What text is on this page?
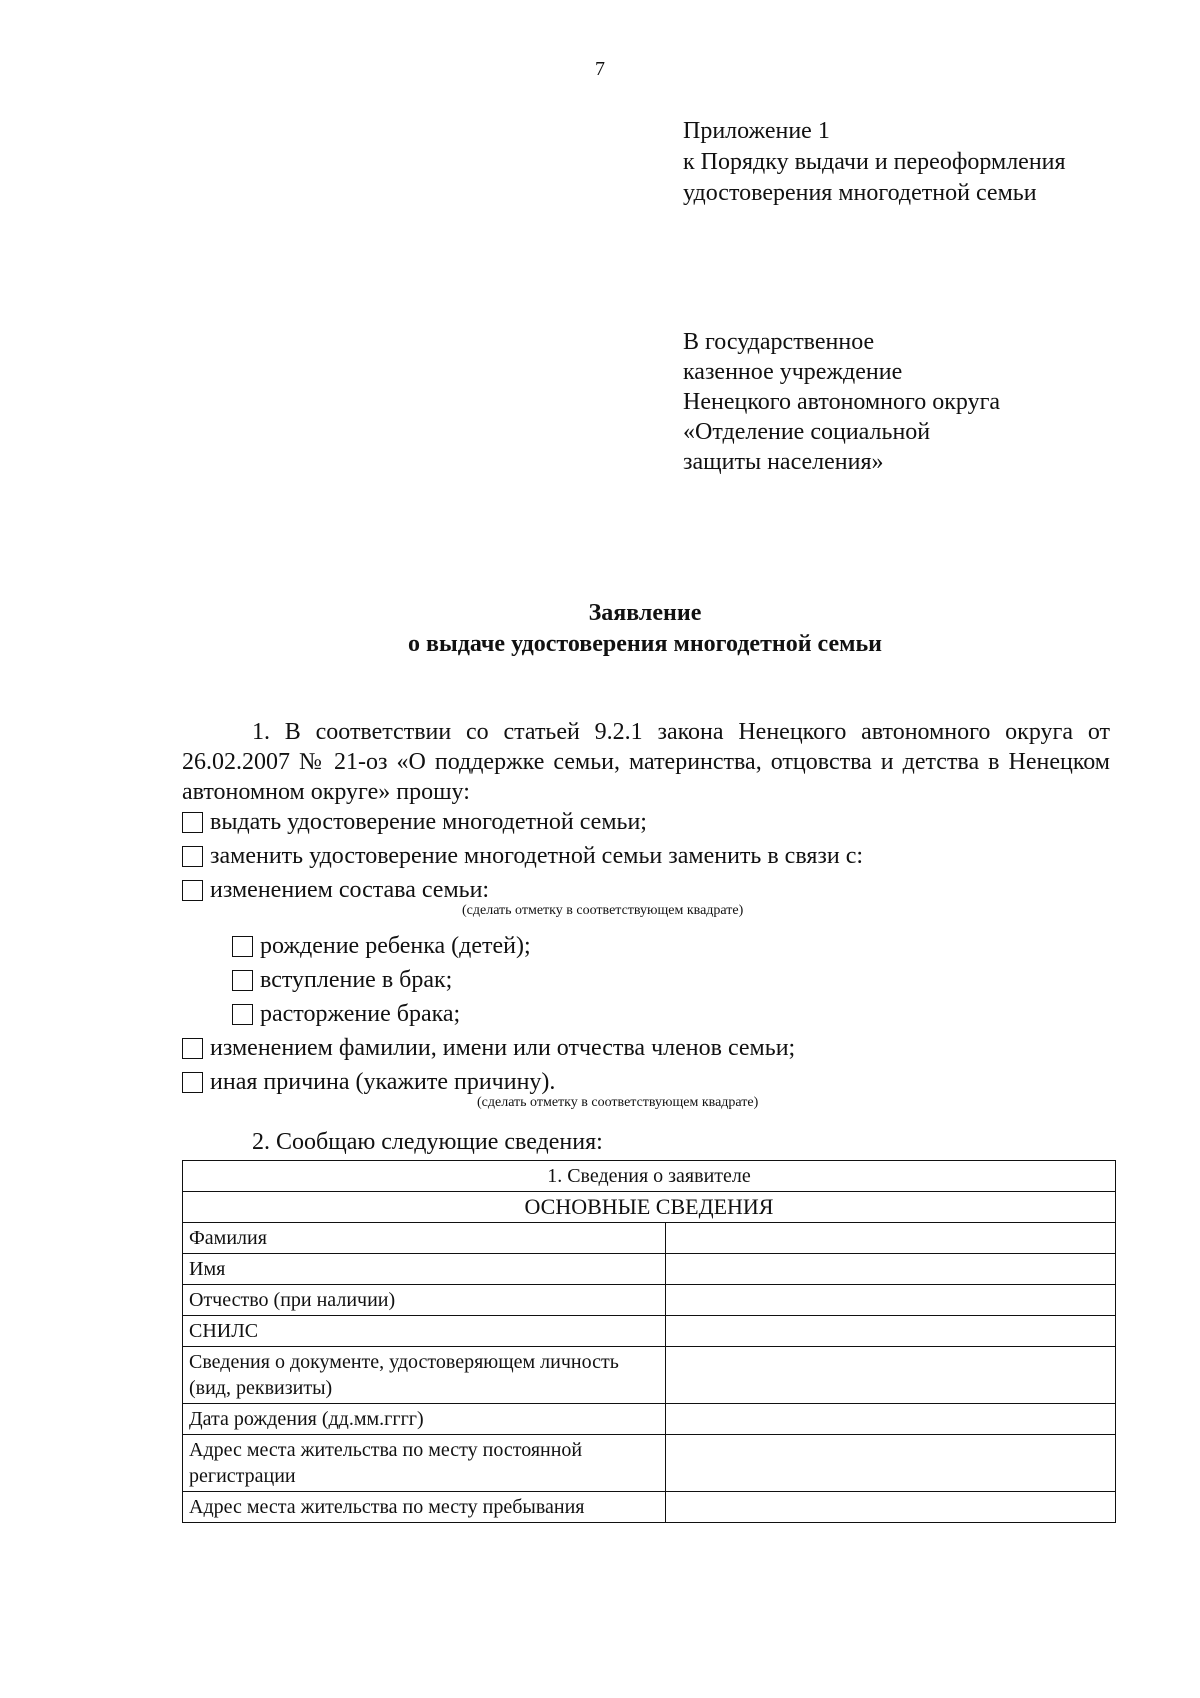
7
Приложение 1
к Порядку выдачи и переоформления
удостоверения многодетной семьи
В государственное
казенное учреждение
Ненецкого автономного округа
«Отделение социальной
защиты населения»
Заявление
о выдаче удостоверения многодетной семьи
1. В соответствии со статьей 9.2.1 закона Ненецкого автономного округа от 26.02.2007 № 21-оз «О поддержке семьи, материнства, отцовства и детства в Ненецком автономном округе» прошу:
выдать удостоверение многодетной семьи;
заменить удостоверение многодетной семьи заменить в связи с:
изменением состава семьи:
(сделать отметку в соответствующем квадрате)
рождение ребенка (детей);
вступление в брак;
расторжение брака;
изменением фамилии, имени или отчества членов семьи;
иная причина (укажите причину).
(сделать отметку в соответствующем квадрате)
2. Сообщаю следующие сведения:
1. Сведения о заявителе	
ОСНОВНЫЕ СВЕДЕНИЯ	
Фамилия	
Имя	
Отчество (при наличии)	
СНИЛС	
Сведения о документе, удостоверяющем личность (вид, реквизиты)	
Дата рождения (дд.мм.гггг)	
Адрес места жительства по месту постоянной регистрации	
Адрес места жительства по месту пребывания	
